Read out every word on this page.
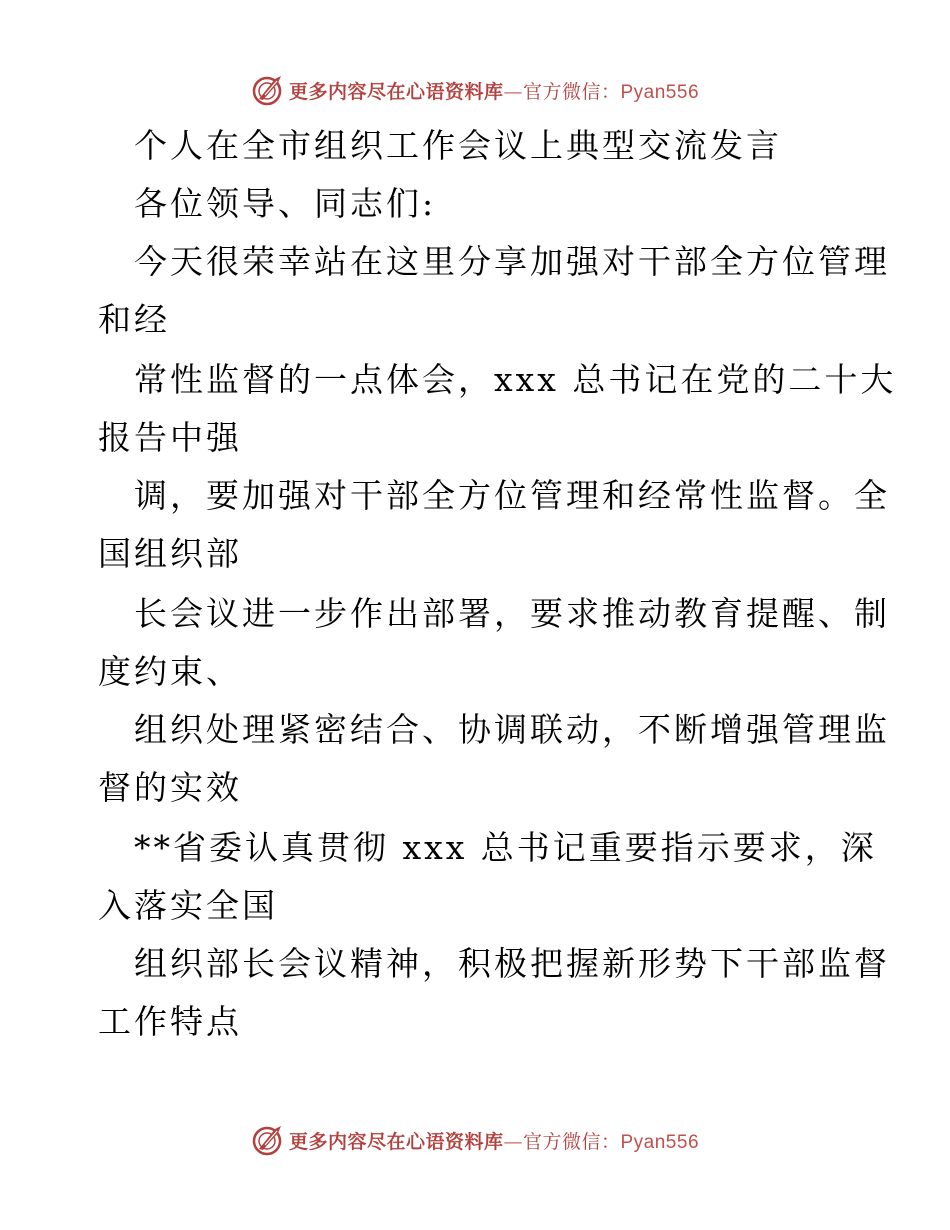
更多内容尽在心语资料库 — 官方微信： Pyan556
个人在全市组织工作会议上典型交流发言
各位领导、同志们:
今天很荣幸站在这里分享加强对干部全方位管理
和经
常性监督的一点体会，xxx 总书记在党的二十大
报告中强
调，要加强对干部全方位管理和经常性监督。全
国组织部
长会议进一步作出部署，要求推动教育提醒、制
度约束、
组织处理紧密结合、协调联动，不断增强管理监
督的实效
**省委认真贯彻 xxx 总书记重要指示要求，深
入落实全国
组织部长会议精神，积极把握新形势下干部监督
工作特点
更多内容尽在心语资料库 — 官方微信： Pyan556
